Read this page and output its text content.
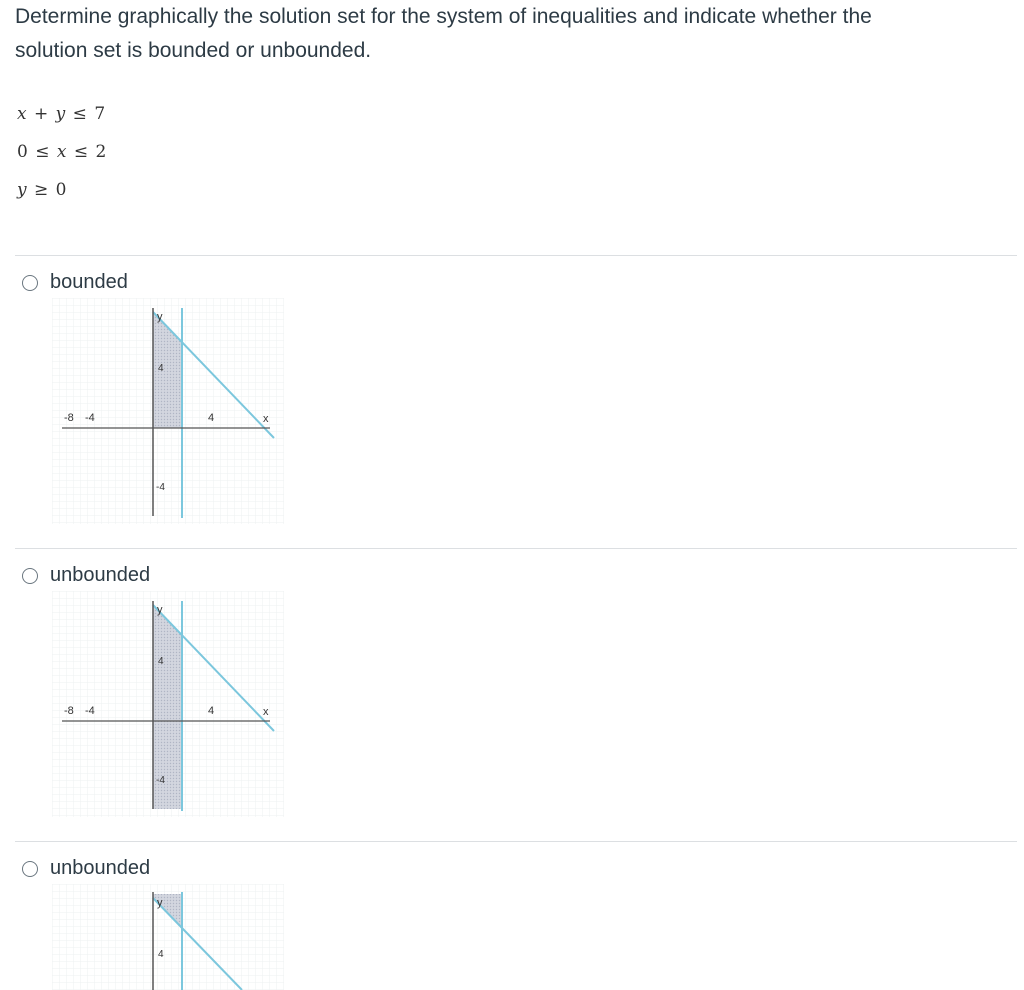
Determine graphically the solution set for the system of inequalities and indicate whether the
solution set is bounded or unbounded.
x + y ≤ 7
0 ≤ x ≤ 2
y ≥ 0
bounded
-8 -4	4
4
-4
x
y
unbounded
-8 -4	4
4
-4
x
y
unbounded
4
y
